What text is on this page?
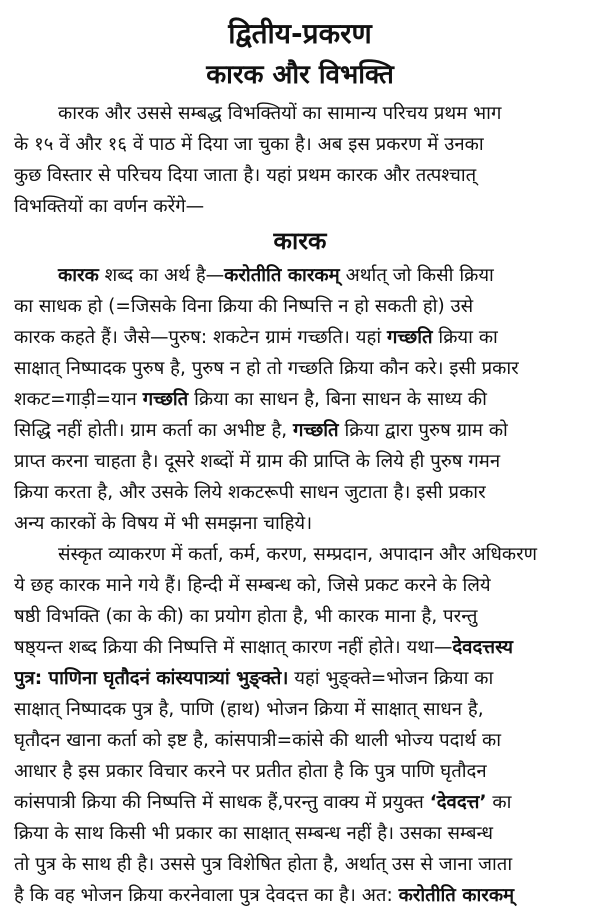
द्वितीय-प्रकरण
कारक और विभक्ति
कारक और उससे सम्बद्ध विभक्तियों का सामान्य परिचय प्रथम भाग
के १५ वें और १६ वें पाठ में दिया जा चुका है। अब इस प्रकरण में उनका
कुछ विस्तार से परिचय दिया जाता है। यहां प्रथम कारक और तत्पश्चात्
विभक्तियों का वर्णन करेंगे—
कारक
कारक शब्द का अर्थ है—करोतीति कारकम् अर्थात् जो किसी क्रिया
का साधक हो (=जिसके विना क्रिया की निष्पत्ति न हो सकती हो) उसे
कारक कहते हैं। जैसे—पुरुष: शकटेन ग्रामं गच्छति। यहां गच्छति क्रिया का
साक्षात् निष्पादक पुरुष है, पुरुष न हो तो गच्छति क्रिया कौन करे। इसी प्रकार
शकट=गाड़ी=यान गच्छति क्रिया का साधन है, बिना साधन के साध्य की
सिद्धि नहीं होती। ग्राम कर्ता का अभीष्ट है, गच्छति क्रिया द्वारा पुरुष ग्राम को
प्राप्त करना चाहता है। दूसरे शब्दों में ग्राम की प्राप्ति के लिये ही पुरुष गमन
क्रिया करता है, और उसके लिये शकटरूपी साधन जुटाता है। इसी प्रकार
अन्य कारकों के विषय में भी समझना चाहिये।
संस्कृत व्याकरण में कर्ता, कर्म, करण, सम्प्रदान, अपादान और अधिकरण
ये छह कारक माने गये हैं। हिन्दी में सम्बन्ध को, जिसे प्रकट करने के लिये
षष्ठी विभक्ति (का के की) का प्रयोग होता है, भी कारक माना है, परन्तु
षष्ठ्यन्त शब्द क्रिया की निष्पत्ति में साक्षात् कारण नहीं होते। यथा—देवदत्तस्य
पुत्र: पाणिना घृतौदनं कांस्यपात्र्यां भुङ्क्ते। यहां भुङ्क्ते=भोजन क्रिया का
साक्षात् निष्पादक पुत्र है, पाणि (हाथ) भोजन क्रिया में साक्षात् साधन है,
घृतौदन खाना कर्ता को इष्ट है, कांसपात्री=कांसे की थाली भोज्य पदार्थ का
आधार है इस प्रकार विचार करने पर प्रतीत होता है कि पुत्र पाणि घृतौदन
कांसपात्री क्रिया की निष्पत्ति में साधक हैं,परन्तु वाक्य में प्रयुक्त ‘देवदत्त’ का
क्रिया के साथ किसी भी प्रकार का साक्षात् सम्बन्ध नहीं है। उसका सम्बन्ध
तो पुत्र के साथ ही है। उससे पुत्र विशेषित होता है, अर्थात् उस से जाना जाता
है कि वह भोजन क्रिया करनेवाला पुत्र देवदत्त का है। अत: करोतीति कारकम्
